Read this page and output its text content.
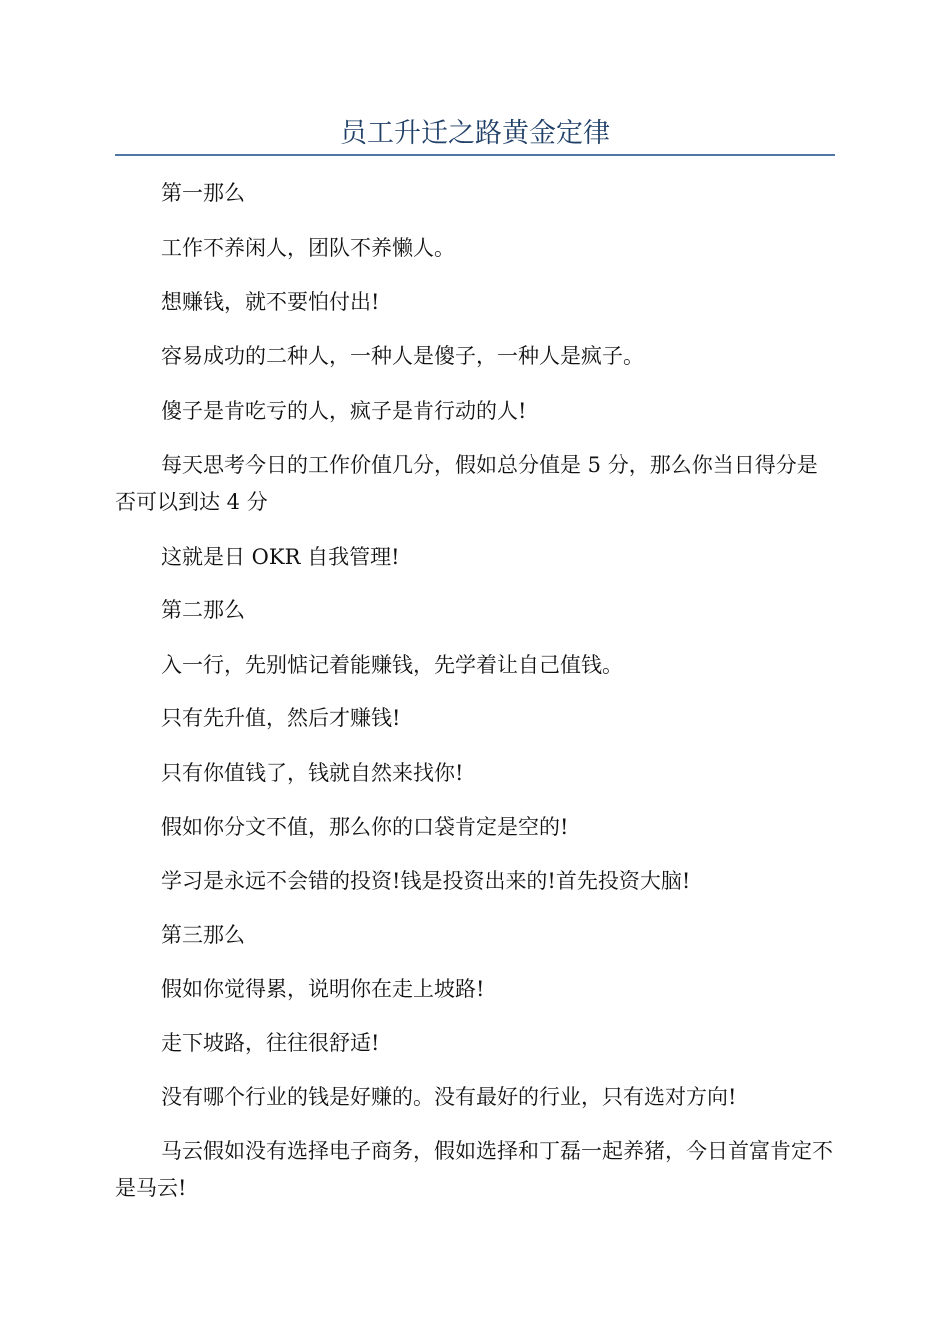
员工升迁之路黄金定律

第一那么

工作不养闲人，团队不养懒人。

想赚钱，就不要怕付出!

容易成功的二种人，一种人是傻子，一种人是疯子。

傻子是肯吃亏的人，疯子是肯行动的人!

每天思考今日的工作价值几分，假如总分值是 5 分，那么你当日得分是否可以到达 4 分

这就是日 OKR 自我管理!

第二那么

入一行，先别惦记着能赚钱，先学着让自己值钱。

只有先升值，然后才赚钱!

只有你值钱了，钱就自然来找你!

假如你分文不值，那么你的口袋肯定是空的!

学习是永远不会错的投资!钱是投资出来的!首先投资大脑!

第三那么

假如你觉得累，说明你在走上坡路!

走下坡路，往往很舒适!

没有哪个行业的钱是好赚的。没有最好的行业，只有选对方向!

马云假如没有选择电子商务，假如选择和丁磊一起养猪，今日首富肯定不是马云!
